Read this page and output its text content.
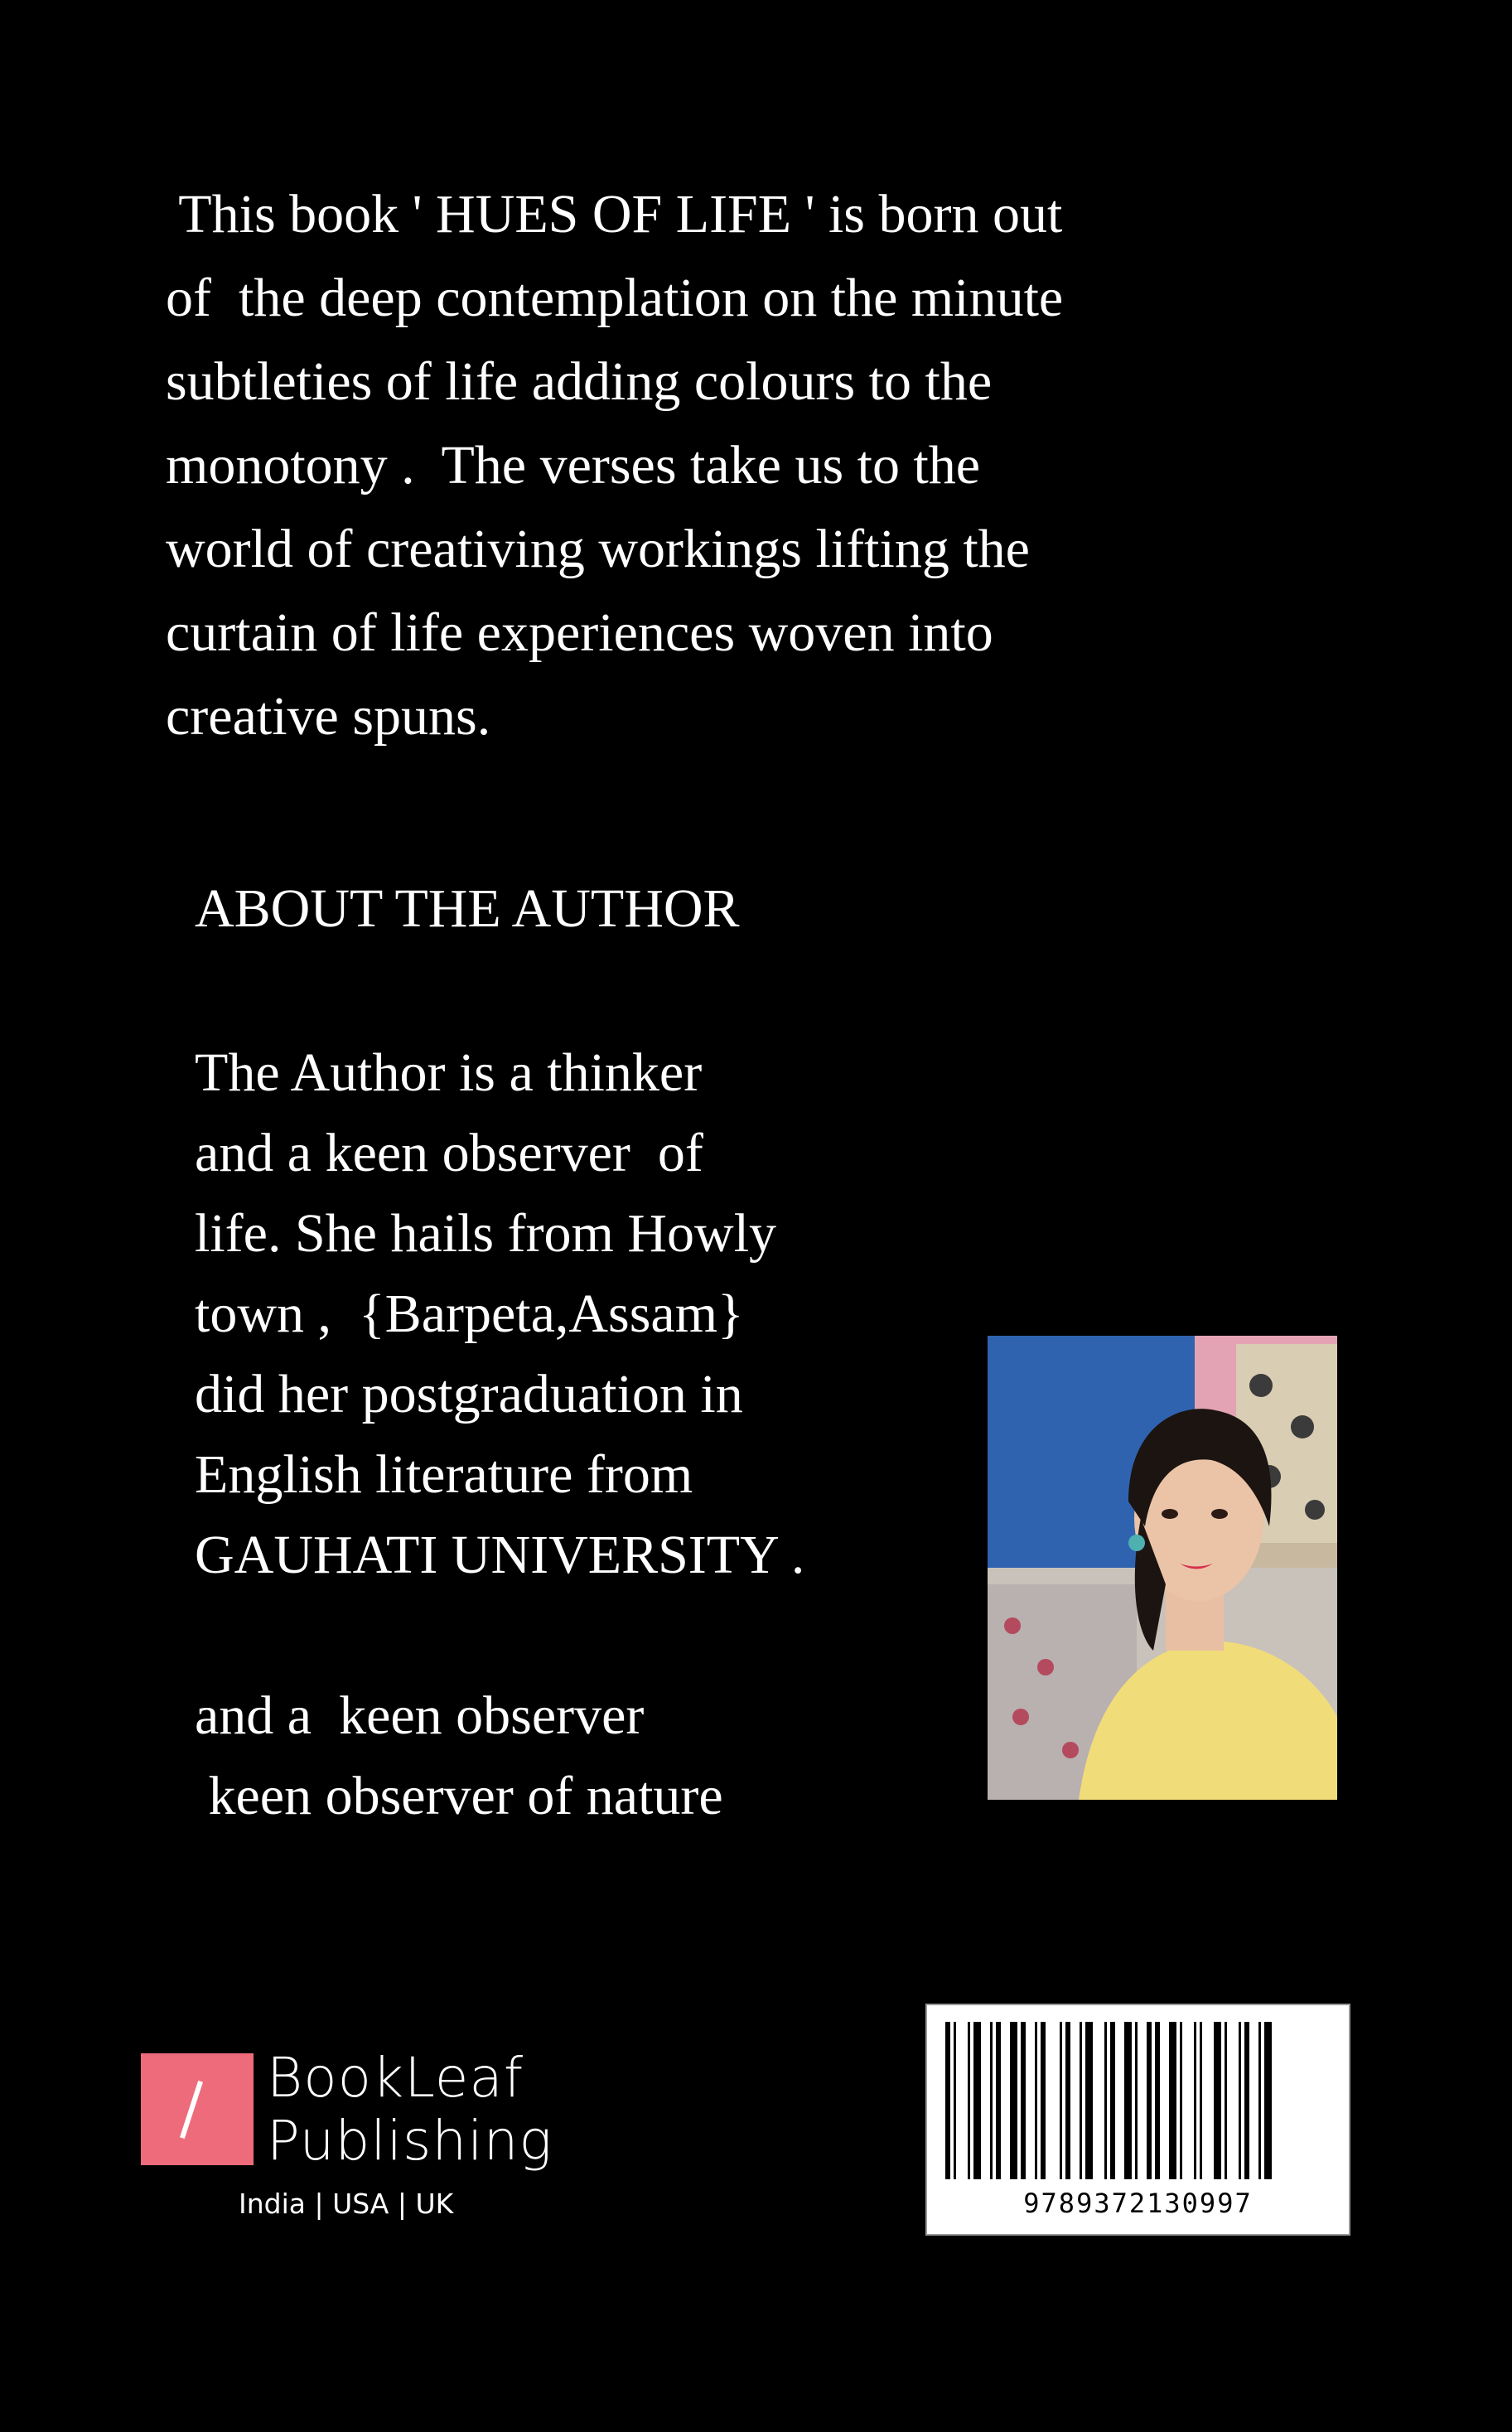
This book ' HUES OF LIFE ' is born out
of  the deep contemplation on the minute
subtleties of life adding colours to the
monotony .  The verses take us to the
world of creativing workings lifting the
curtain of life experiences woven into
creative spuns.
ABOUT THE AUTHOR
The Author is a thinker
and a keen observer  of
life. She hails from Howly
town ,  {Barpeta,Assam}
did her postgraduation in
English literature from
GAUHATI UNIVERSITY .
and a  keen observer
keen observer of nature
BookLeaf
Publishing
India | USA | UK	9789372130997
